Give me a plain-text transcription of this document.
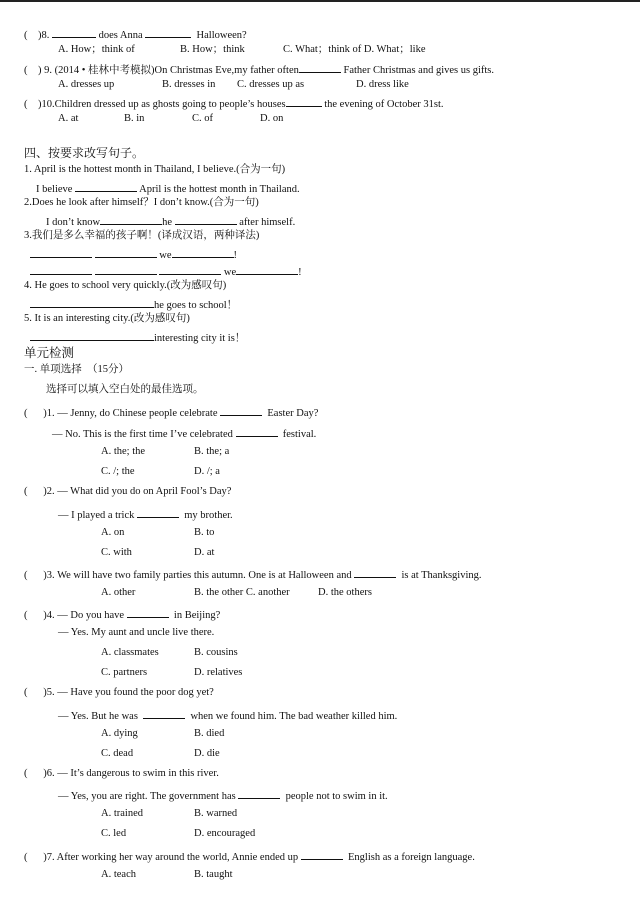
(    )8.	does Anna	Halloween?
A. How；think of	B. How；think	C. What；think of D. What；like
(    ) 9. (2014 • 桂林中考模拟)On Christmas Eve,my father often	Father Christmas and gives us gifts.
A. dresses up	B. dresses in C. dresses up as	D. dress like
(    )10.Children dressed up as ghosts going to people’s houses	the evening of October 31st.
A. at	B. in	C. of	D. on
四、按要求改写句子。
1. April is the hottest month in Thailand, I believe.(合为一句)
I believe	April is the hottest month in Thailand.
2.Does he look after himself？I don’t know.(合为一句)
I don’t know	he	after himself.
3.我们是多么幸福的孩子啊！(译成汉语，两种译法)
we	!
we	!
4. He goes to school very quickly.(改为感叹句)
he goes to school！
5. It is an interesting city.(改为感叹句)
interesting city it is！
单元检测
一. 单项选择  （15分）
选择可以填入空白处的最佳选项。
(      )1. — Jenny, do Chinese people celebrate	Easter Day?
— No. This is the first time I’ve celebrated	festival.
A. the; the	B. the; a
C. /; the	D. /; a
(      )2. — What did you do on April Fool’s Day?
— I played a trick	my brother.
A. on	B. to
C. with	D. at
(      )3. We will have two family parties this autumn. One is at Halloween and	is at Thanksgiving.
A. other	B. the other C. another	D. the others
(      )4. — Do you have	in Beijing?
— Yes. My aunt and uncle live there.
A. classmates	B. cousins
C. partners	D. relatives
(      )5. — Have you found the poor dog yet?
— Yes. But he was	when we found him. The bad weather killed him.
A. dying	B. died
C. dead	D. die
(      )6. — It’s dangerous to swim in this river.
— Yes, you are right. The government has	people not to swim in it.
A. trained	B. warned
C. led	D. encouraged
(      )7. After working her way around the world, Annie ended up	English as a foreign language.
A. teach	B. taught
